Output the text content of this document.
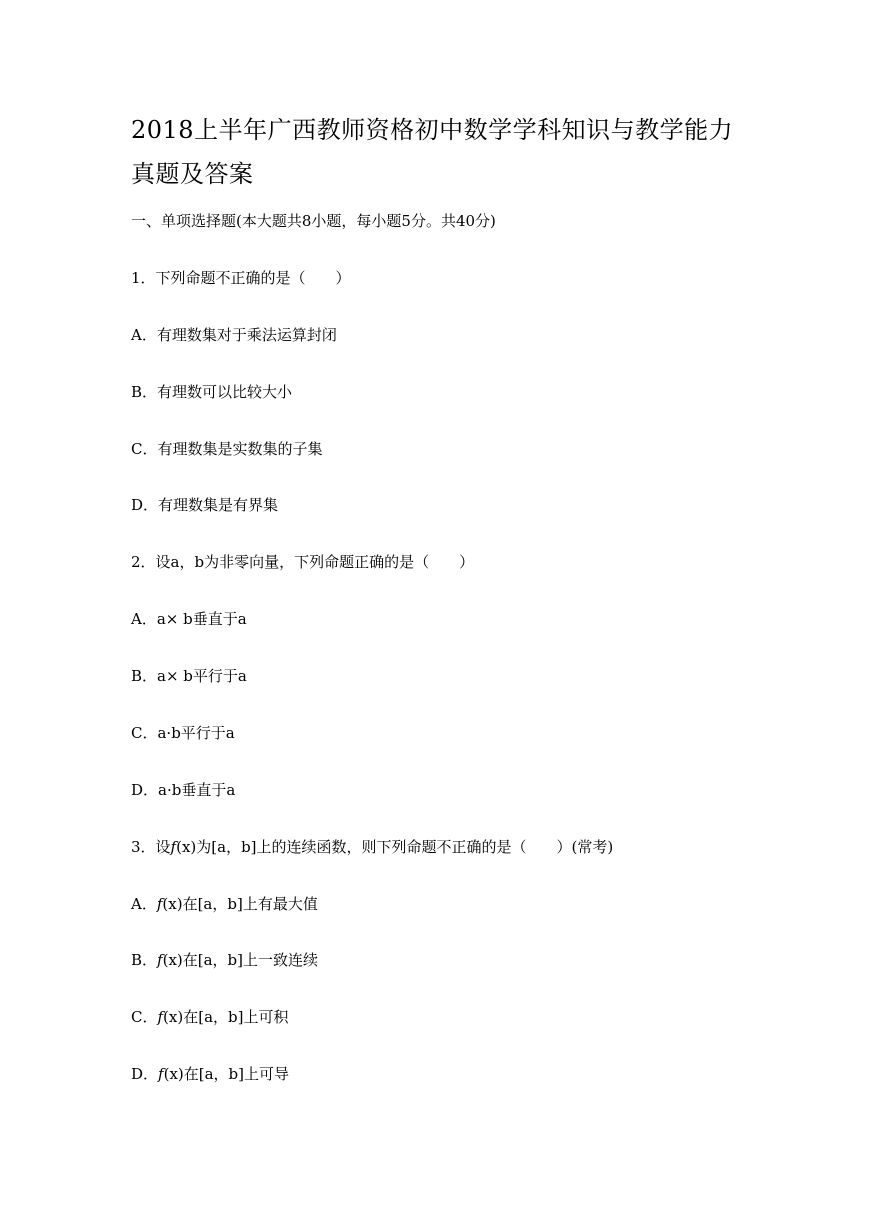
2018上半年广西教师资格初中数学学科知识与教学能力真题及答案

一、单项选择题(本大题共8小题，每小题5分。共40分)

1．下列命题不正确的是（　　）

A．有理数集对于乘法运算封闭

B．有理数可以比较大小

C．有理数集是实数集的子集

D．有理数集是有界集

2．设a，b为非零向量，下列命题正确的是（　　）

A．a× b垂直于a

B．a× b平行于a

C．a·b平行于a

D．a·b垂直于a

3．设f(x)为[a，b]上的连续函数，则下列命题不正确的是（　　）(常考)

A．f(x)在[a，b]上有最大值

B．f(x)在[a，b]上一致连续

C．f(x)在[a，b]上可积

D．f(x)在[a，b]上可导
